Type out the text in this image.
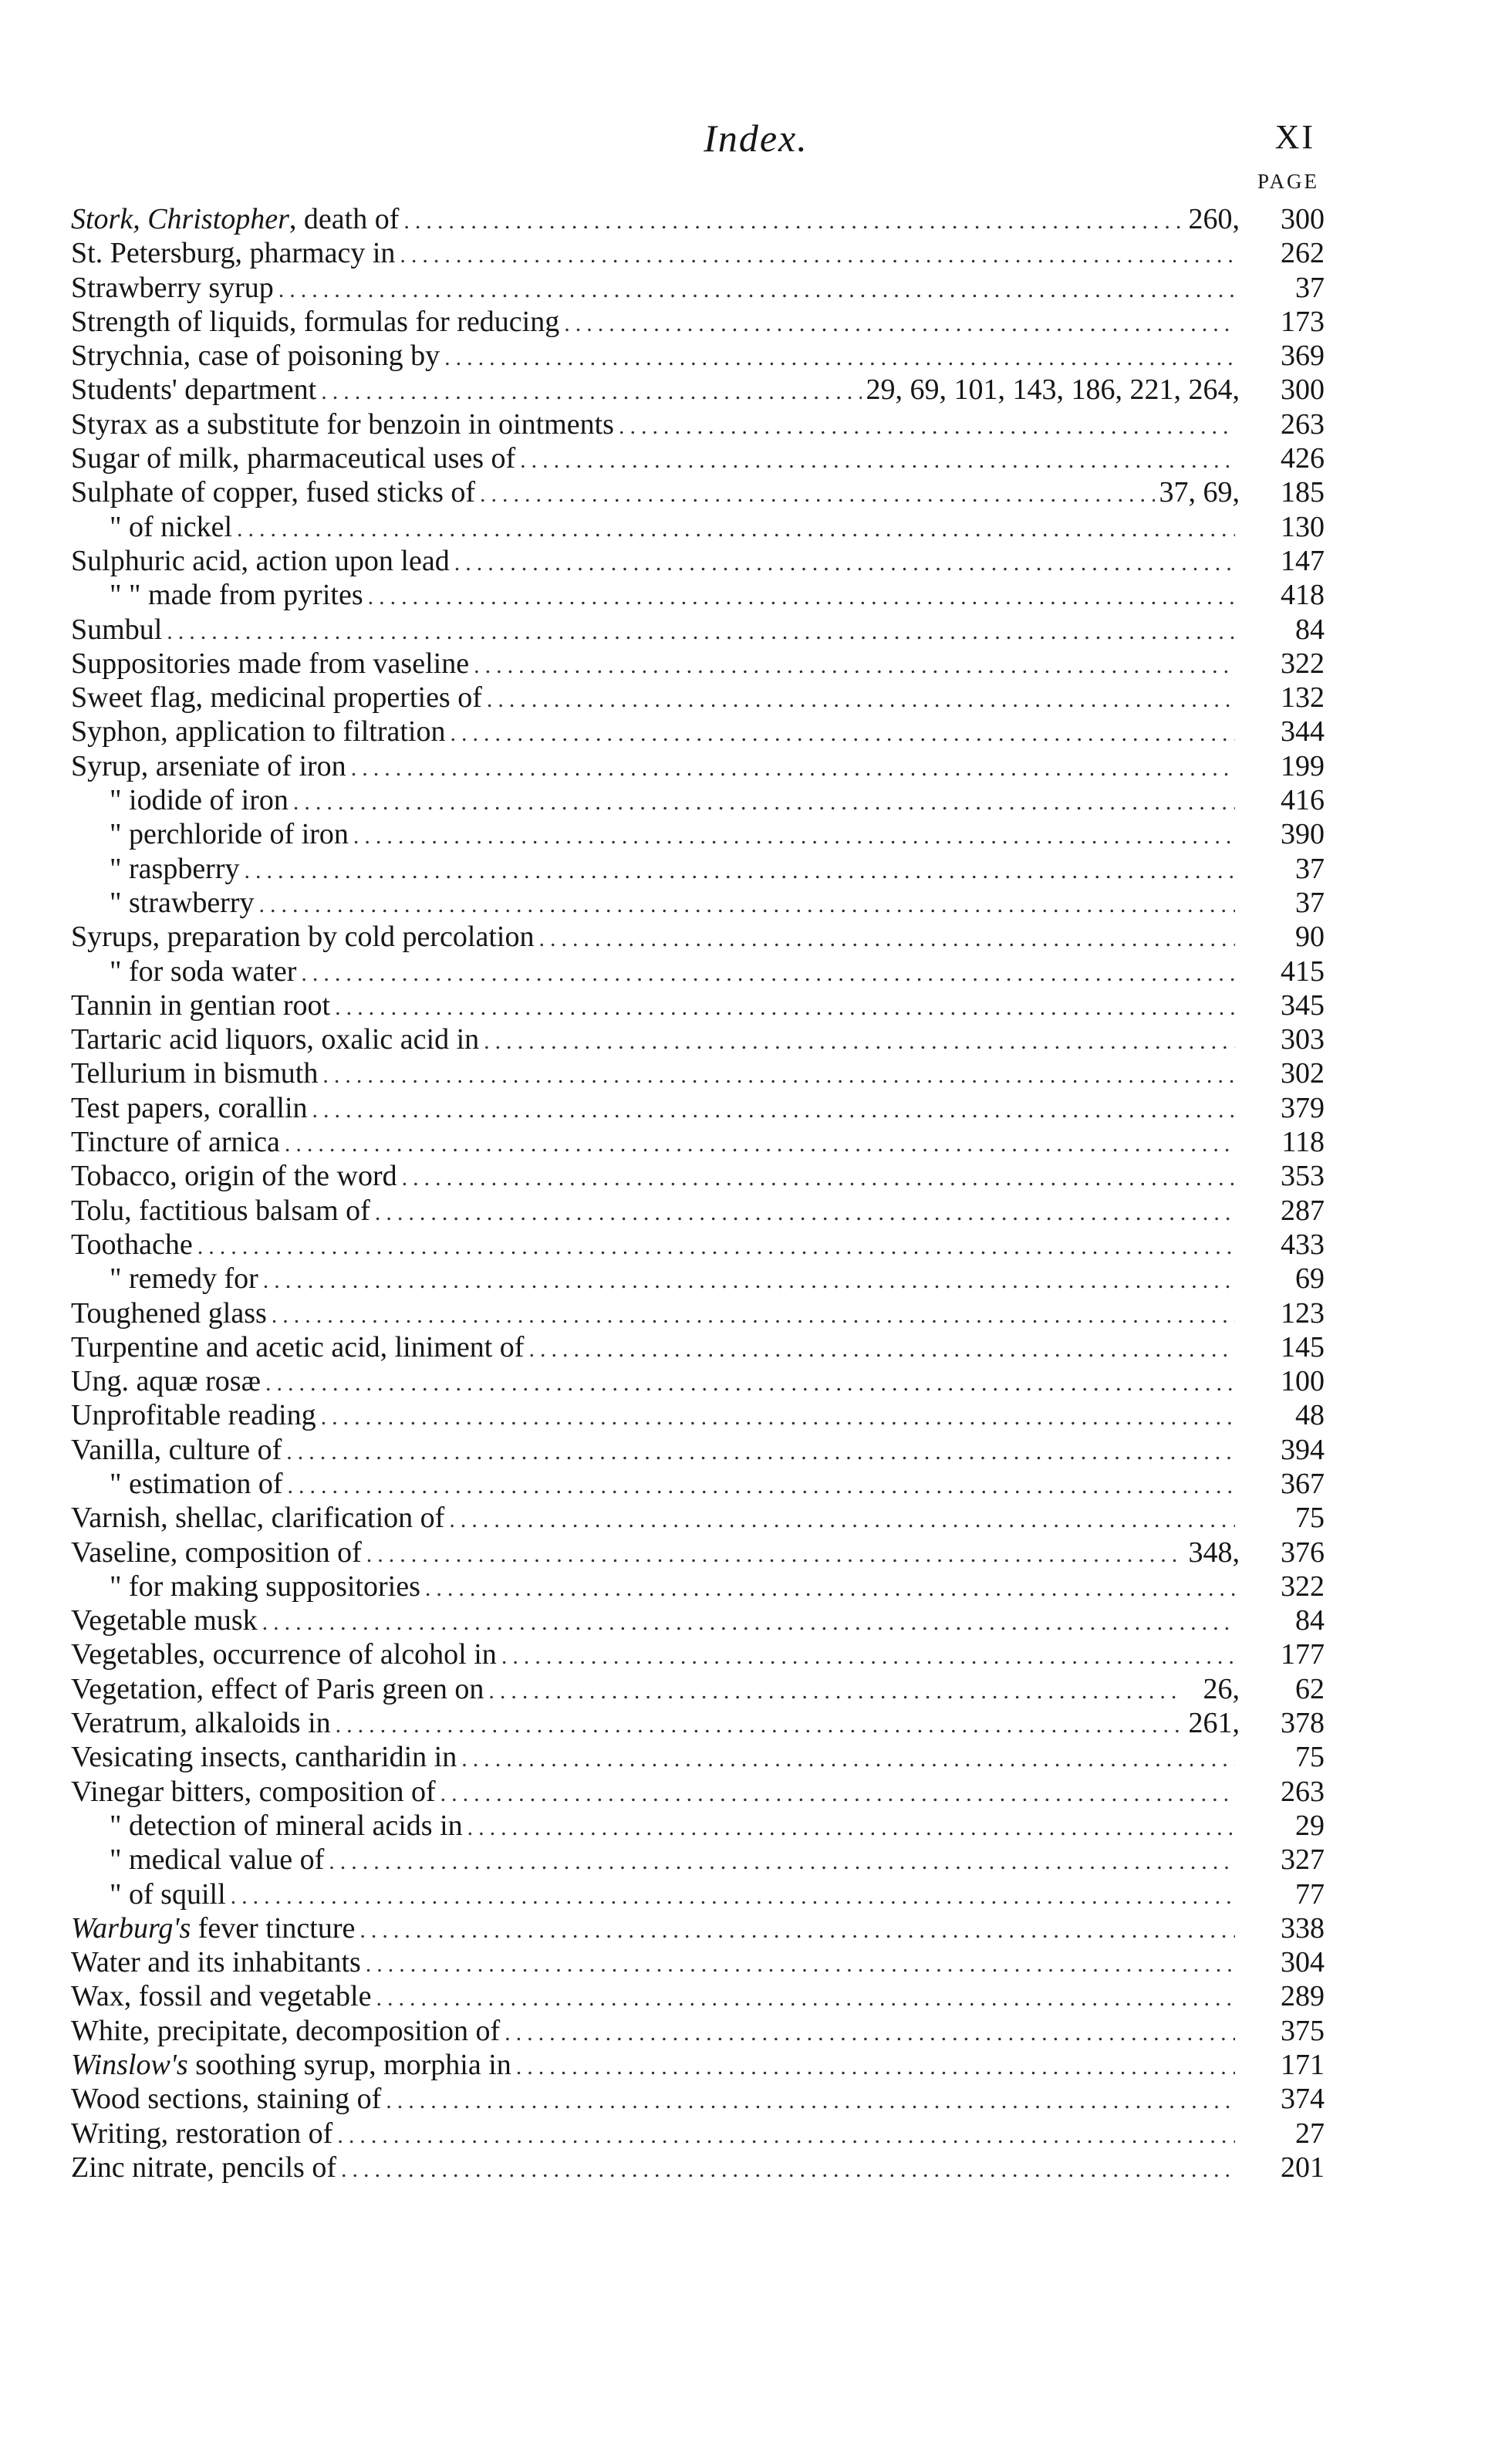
Index.	XI
PAGE
Stork, Christopher, death of .....	260,	300
St. Petersburg, pharmacy in .....	262
Strawberry syrup .....	37
Strength of liquids, formulas for reducing .....	173
Strychnia, case of poisoning by .....	369
Students' department .....	29, 69, 101, 143, 186, 221, 264,	300
Styrax as a substitute for benzoin in ointments .....	263
Sugar of milk, pharmaceutical uses of .....	426
Sulphate of copper, fused sticks of .....	37, 69,	185
" of nickel .....	130
Sulphuric acid, action upon lead .....	147
" " made from pyrites .....	418
Sumbul .....	84
Suppositories made from vaseline .....	322
Sweet flag, medicinal properties of .....	132
Syphon, application to filtration .....	344
Syrup, arseniate of iron .....	199
" iodide of iron .....	416
" perchloride of iron .....	390
" raspberry .....	37
" strawberry .....	37
Syrups, preparation by cold percolation .....	90
" for soda water .....	415
Tannin in gentian root .....	345
Tartaric acid liquors, oxalic acid in .....	303
Tellurium in bismuth .....	302
Test papers, corallin .....	379
Tincture of arnica .....	118
Tobacco, origin of the word .....	353
Tolu, factitious balsam of .....	287
Toothache .....	433
" remedy for .....	69
Toughened glass .....	123
Turpentine and acetic acid, liniment of .....	145
Ung. aquæ rosæ .....	100
Unprofitable reading .....	48
Vanilla, culture of .....	394
" estimation of .....	367
Varnish, shellac, clarification of .....	75
Vaseline, composition of .....	348,	376
" for making suppositories .....	322
Vegetable musk .....	84
Vegetables, occurrence of alcohol in .....	177
Vegetation, effect of Paris green on .....	26,	62
Veratrum, alkaloids in .....	261,	378
Vesicating insects, cantharidin in .....	75
Vinegar bitters, composition of .....	263
" detection of mineral acids in .....	29
" medical value of .....	327
" of squill .....	77
Warburg's fever tincture .....	338
Water and its inhabitants .....	304
Wax, fossil and vegetable .....	289
White, precipitate, decomposition of .....	375
Winslow's soothing syrup, morphia in .....	171
Wood sections, staining of .....	374
Writing, restoration of .....	27
Zinc nitrate, pencils of .....	201
